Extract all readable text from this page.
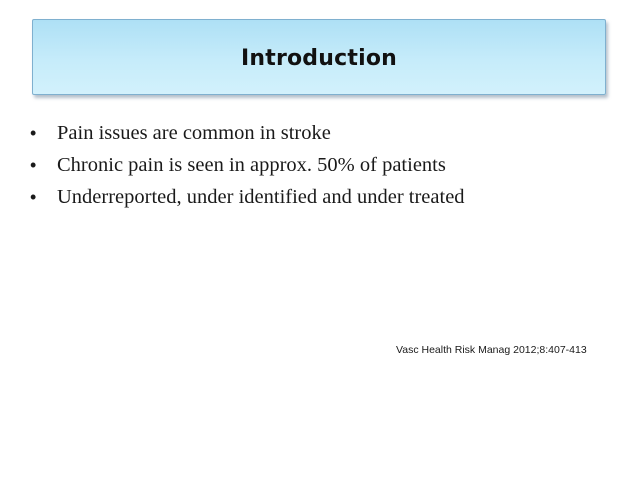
Introduction
•	Pain issues are common in stroke
•	Chronic pain is seen in approx. 50% of patients
•	Underreported, under identified and under treated
Vasc Health Risk Manag 2012;8:407-413
